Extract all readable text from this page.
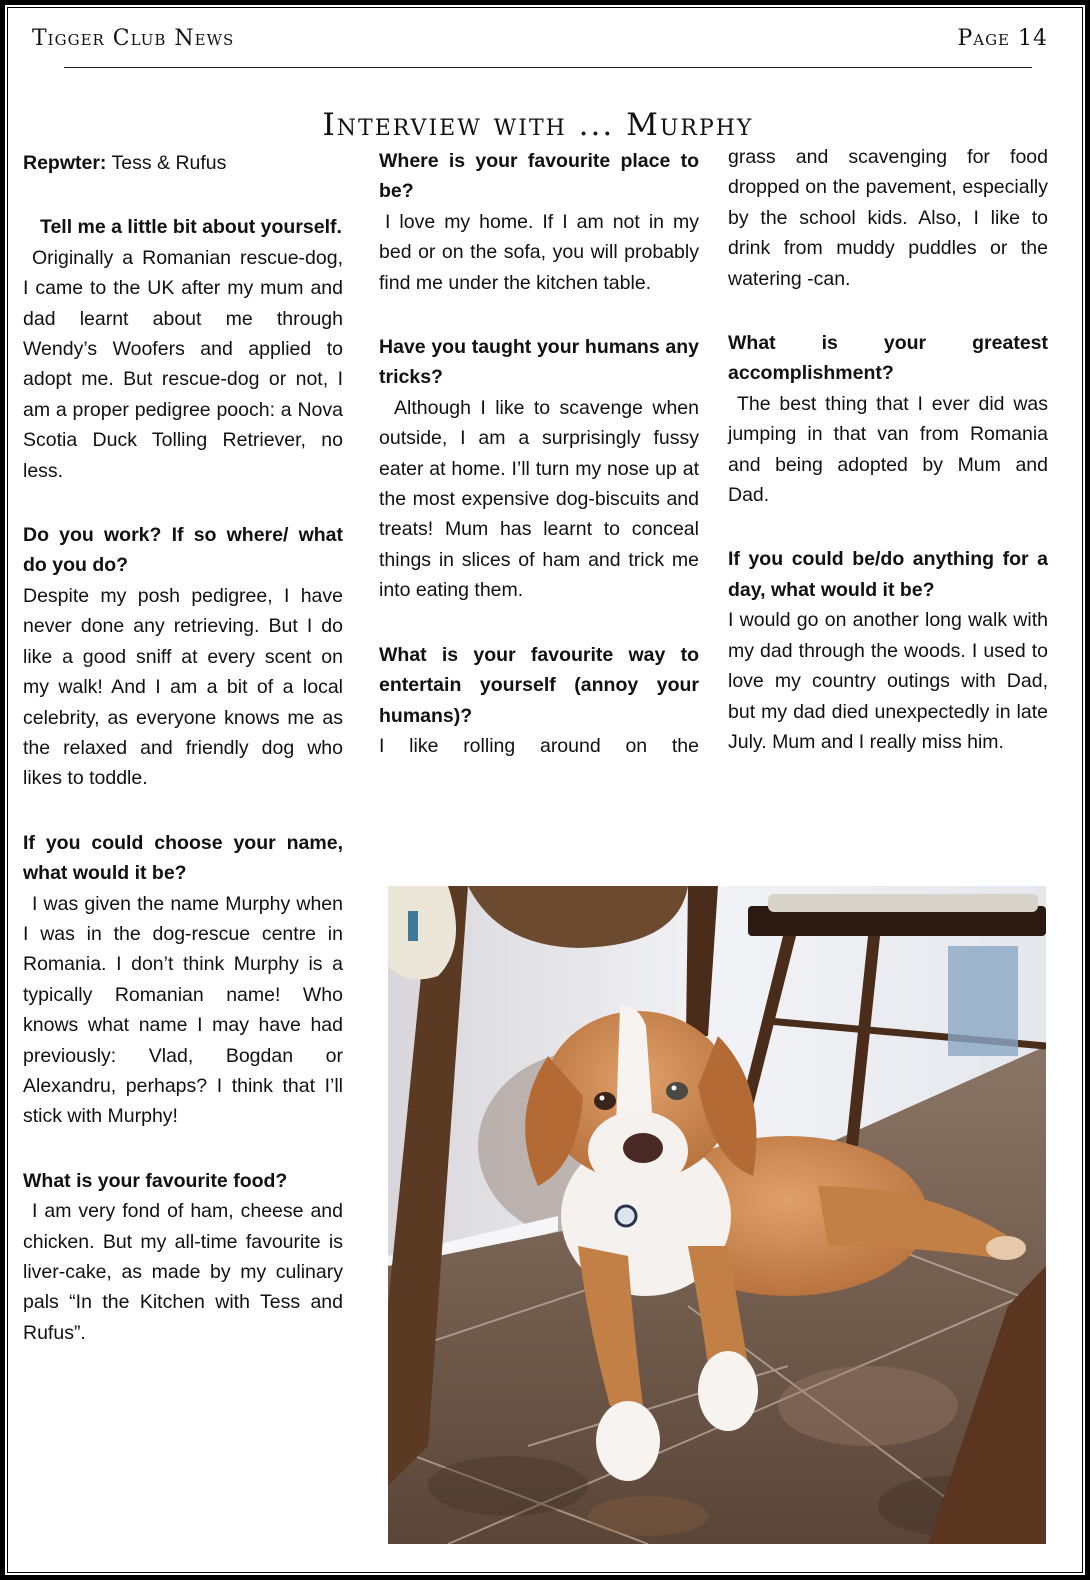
Tigger Club News	Page 14
Interview with ... Murphy

Repwter: Tess & Rufus

Tell me a little bit about yourself.

Originally a Romanian rescue-dog, I came to the UK after my mum and dad learnt about me through Wendy’s Woofers and applied to adopt me. But rescue-dog or not, I am a proper pedigree pooch: a Nova Scotia Duck Tolling Retriever, no less.

Do you work? If so where/ what do you do?

Despite my posh pedigree, I have never done any retrieving. But I do like a good sniff at every scent on my walk! And I am a bit of a local celebrity, as everyone knows me as the relaxed and friendly dog who likes to toddle.

If you could choose your name, what would it be?

I was given the name Murphy when I was in the dog-rescue centre in Romania. I don’t think Murphy is a typically Romanian name! Who knows what name I may have had previously: Vlad, Bogdan or Alexandru, perhaps? I think that I’ll stick with Murphy!

What is your favourite food?

I am very fond of ham, cheese and chicken. But my all-time favourite is liver-cake, as made by my culinary pals “In the Kitchen with Tess and Rufus”.

Where is your favourite place to be?

I love my home. If I am not in my bed or on the sofa, you will probably find me under the kitchen table.

Have you taught your humans any tricks?

Although I like to scavenge when outside, I am a surprisingly fussy eater at home. I’ll turn my nose up at the most expensive dog-biscuits and treats! Mum has learnt to conceal things in slices of ham and trick me into eating them.

What is your favourite way to entertain yourself (annoy your humans)?

I like rolling around on the

grass and scavenging for food dropped on the pavement, especially by the school kids. Also, I like to drink from muddy puddles or the watering -can.

What is your greatest accomplishment?

The best thing that I ever did was jumping in that van from Romania and being adopted by Mum and Dad.

If you could be/do anything for a day, what would it be?

I would go on another long walk with my dad through the woods. I used to love my country outings with Dad, but my dad died unexpectedly in late July. Mum and I really miss him.
